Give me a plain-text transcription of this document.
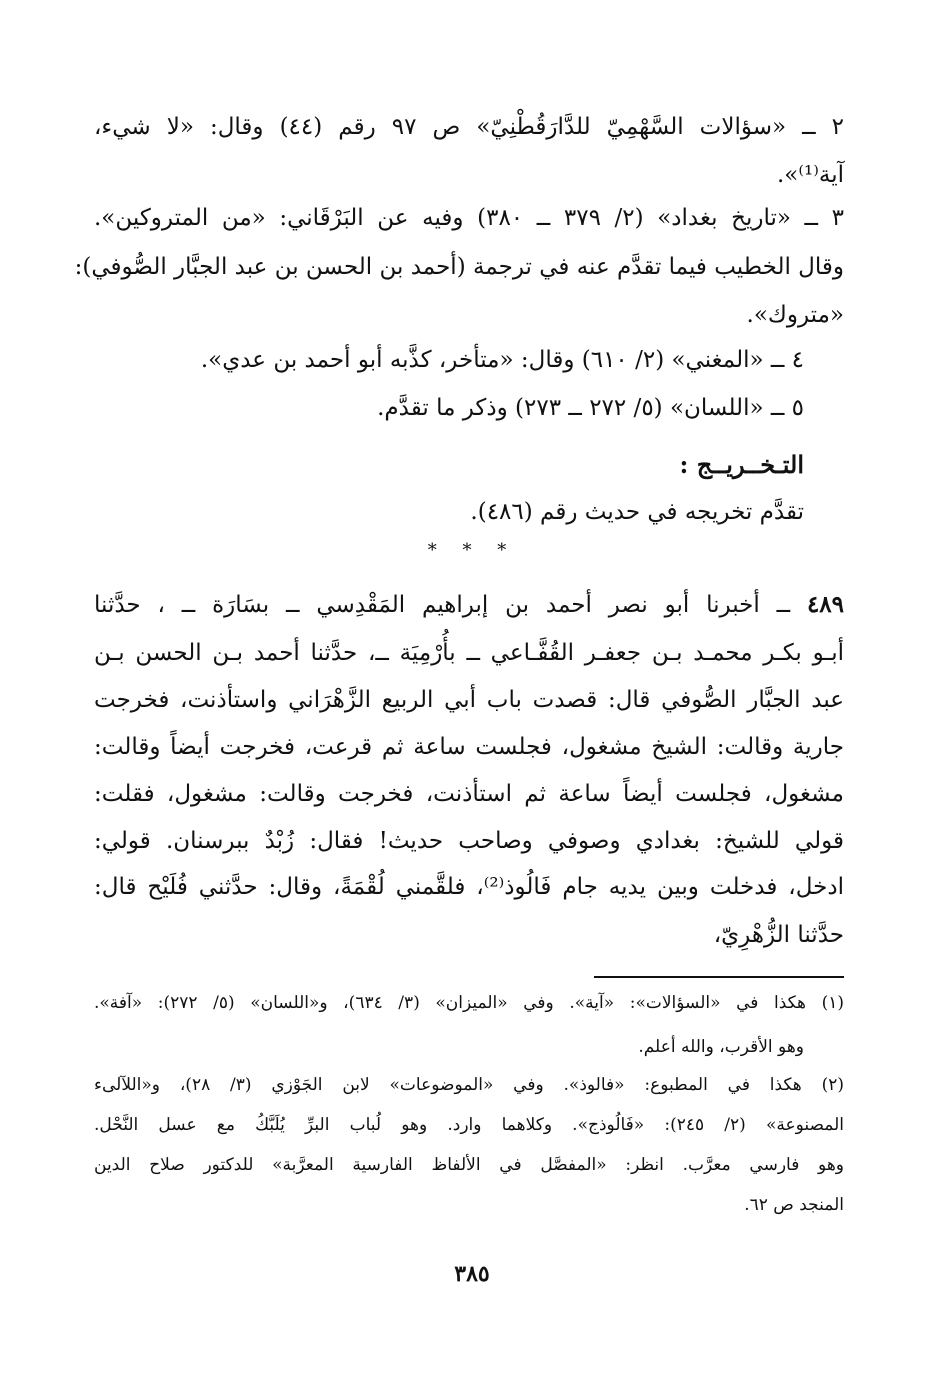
٢ ــ «سؤالات السَّهْمِيّ للدَّارَقُطْنِيّ» ص ٩٧ رقم (٤٤) وقال: «لا شيء،
آية⁽¹⁾».
٣ ــ «تاريخ بغداد» (٢/ ٣٧٩ ــ ٣٨٠) وفيه عن البَرْقَاني: «من المتروكين».
وقال الخطيب فيما تقدَّم عنه في ترجمة (أحمد بن الحسن بن عبد الجبَّار الصُّوفي):
«متروك».
٤ ــ «المغني» (٢/ ٦١٠) وقال: «متأخر، كذَّبه أبو أحمد بن عدي».
٥ ــ «اللسان» (٥/ ٢٧٢ ــ ٢٧٣) وذكر ما تقدَّم.
التـخــريــج :
تقدَّم تخريجه في حديث رقم (٤٨٦).
* * *
٤٨٩ ــ أخبرنا أبو نصر أحمد بن إبراهيم المَقْدِسي ــ بسَارَة ــ ، حدَّثنا
أبـو بكـر محمـد بـن جعفـر القُفَّـاعي ــ بأُرْمِيَة ــ، حدَّثنا أحمد بـن الحسن بـن
عبد الجبَّار الصُّوفي قال: قصدت باب أبي الربيع الزَّهْرَاني واستأذنت، فخرجت
جارية وقالت: الشيخ مشغول، فجلست ساعة ثم قرعت، فخرجت أيضاً وقالت:
مشغول، فجلست أيضاً ساعة ثم استأذنت، فخرجت وقالت: مشغول، فقلت:
قولي للشيخ: بغدادي وصوفي وصاحب حديث! فقال: زُبْدٌ ببرسنان. قولي:
ادخل، فدخلت وبين يديه جام فَالُوذ⁽²⁾، فلقَّمني لُقْمَةً، وقال: حدَّثني فُلَيْح قال:
حدَّثنا الزُّهْرِيّ،
(١) هكذا في «السؤالات»: «آية». وفي «الميزان» (٣/ ٦٣٤)، و«اللسان» (٥/ ٢٧٢): «آفة».
وهو الأقرب، والله أعلم.
(٢) هكذا في المطبوع: «فالوذ». وفي «الموضوعات» لابن الجَوْزي (٣/ ٢٨)، و«اللآلىء
المصنوعة» (٢/ ٢٤٥): «فَالُوذج». وكلاهما وارد. وهو لُباب البرِّ يُلَبَّكُ مع عسل النَّحْل.
وهو فارسي معرَّب. انظر: «المفصَّل في الألفاظ الفارسية المعرَّبة» للدكتور صلاح الدين
المنجد ص ٦٢.
٣٨٥
